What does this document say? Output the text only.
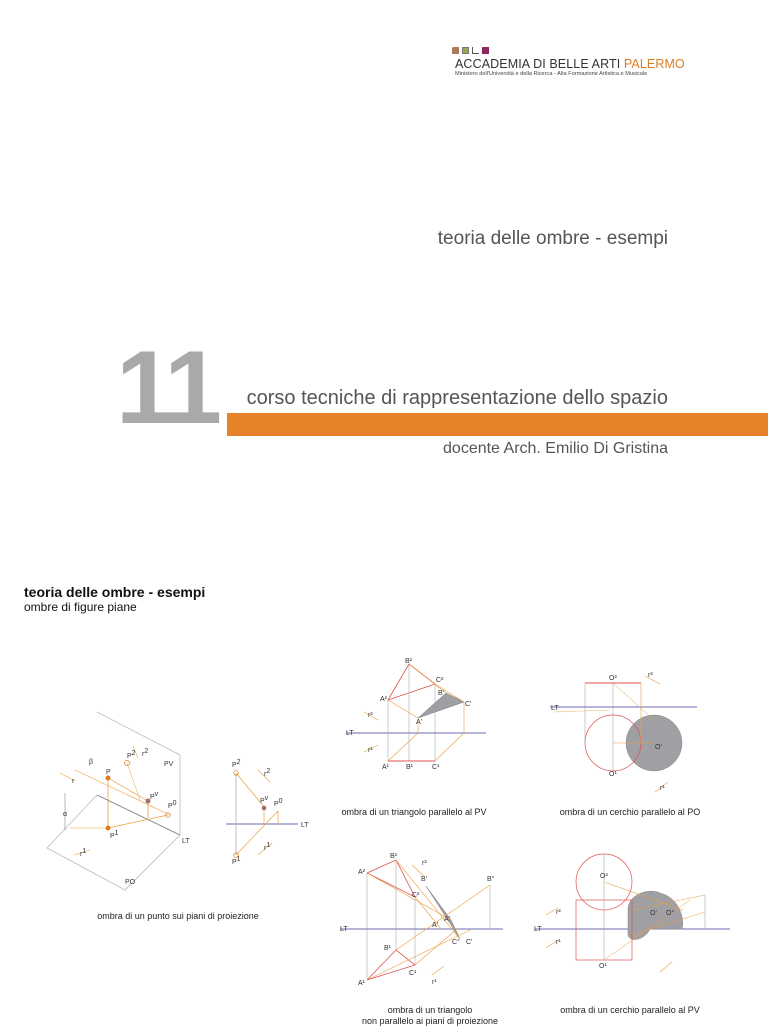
ACCADEMIA DI BELLE ARTI PALERMO
Ministero dell'Università e della Ricerca - Alta Formazione Artistica e Musicale
teoria delle ombre - esempi
11 corso tecniche di rappresentazione dello spazio
docente Arch. Emilio Di Gristina
teoria delle ombre - esempi
ombre di figure piane
P
P1
P2
Pv
P0
PV
PO
LT
r
r2
r1
α
β
ombra di un punto sui piani di proiezione
P2
P1
Pv
P0
LT
r2
r1
B²
A²
C²
B'
C'
A'
A¹ B¹	C¹
LT
r²
r¹
ombra di un triangolo parallelo al PV
O²
O¹
O'
LT
r²
r¹
ombra di un cerchio parallelo al PO
B²
A²
C²
B'
A'
C'
C°
A'
B°
B¹
C¹
A¹
LT
r²
r¹
ombra di un triangolo
non parallelo ai piani di proiezione
O²
O¹
O' O°
LT
r²
r¹
ombra di un cerchio parallelo al PV
